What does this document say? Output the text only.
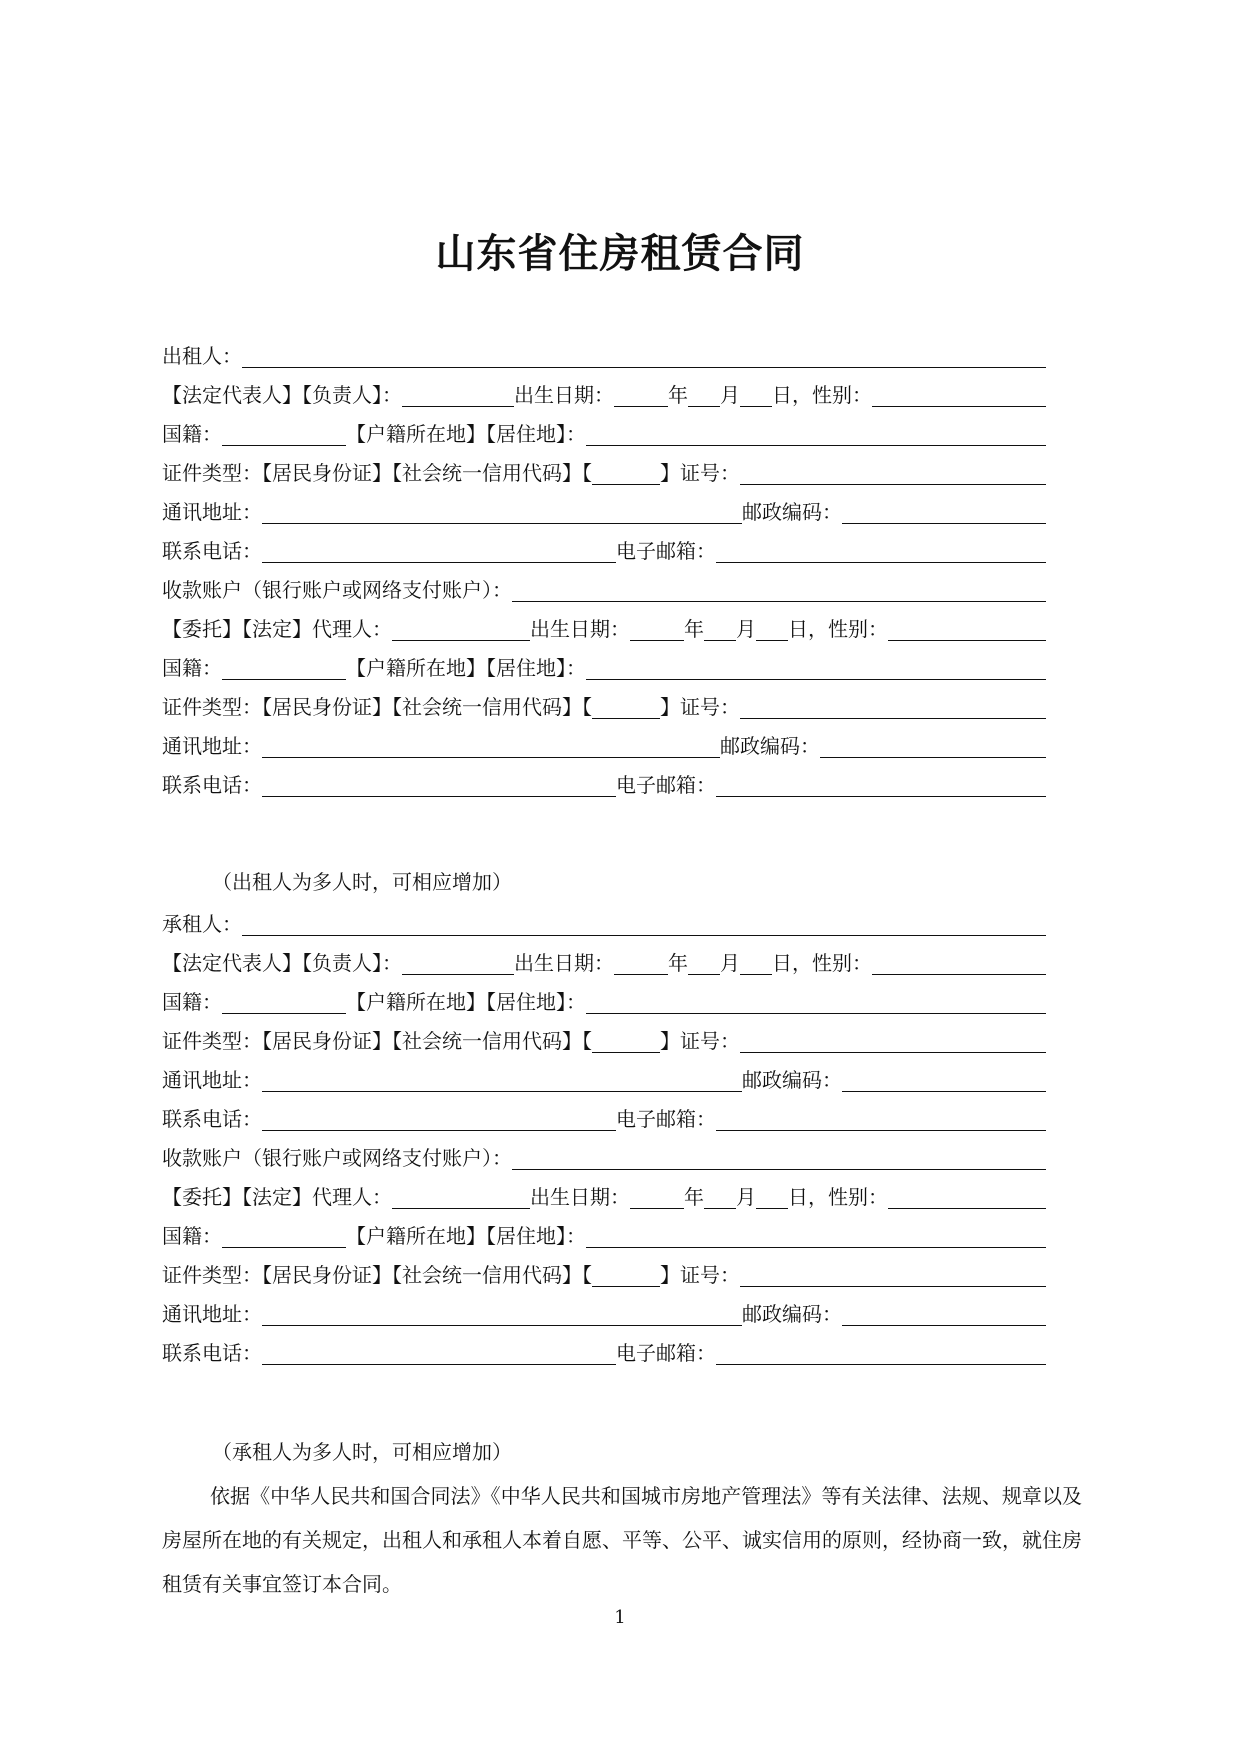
山东省住房租赁合同
出租人：
【法定代表人】【负责人】：	出生日期：	年 月 日，性别：
国籍：	【户籍所在地】【居住地】：
证件类型：【居民身份证】【社会统一信用代码】【	】证号：
通讯地址：	邮政编码：
联系电话：	电子邮箱：
收款账户（银行账户或网络支付账户）：
【委托】【法定】代理人：	出生日期：	年 月 日，性别：
国籍：	【户籍所在地】【居住地】：
证件类型：【居民身份证】【社会统一信用代码】【	】证号：
通讯地址：	邮政编码：
联系电话：	电子邮箱：
（出租人为多人时，可相应增加）
承租人：
【法定代表人】【负责人】：	出生日期：	年 月 日，性别：
国籍：	【户籍所在地】【居住地】：
证件类型：【居民身份证】【社会统一信用代码】【	】证号：
通讯地址：	邮政编码：
联系电话：	电子邮箱：
收款账户（银行账户或网络支付账户）：
【委托】【法定】代理人：	出生日期：	年 月 日，性别：
国籍：	【户籍所在地】【居住地】：
证件类型：【居民身份证】【社会统一信用代码】【	】证号：
通讯地址：	邮政编码：
联系电话：	电子邮箱：
（承租人为多人时，可相应增加）
依据《中华人民共和国合同法》《中华人民共和国城市房地产管理法》等有关法律、法规、规章以及房屋所在地的有关规定，出租人和承租人本着自愿、平等、公平、诚实信用的原则，经协商一致，就住房租赁有关事宜签订本合同。
1
